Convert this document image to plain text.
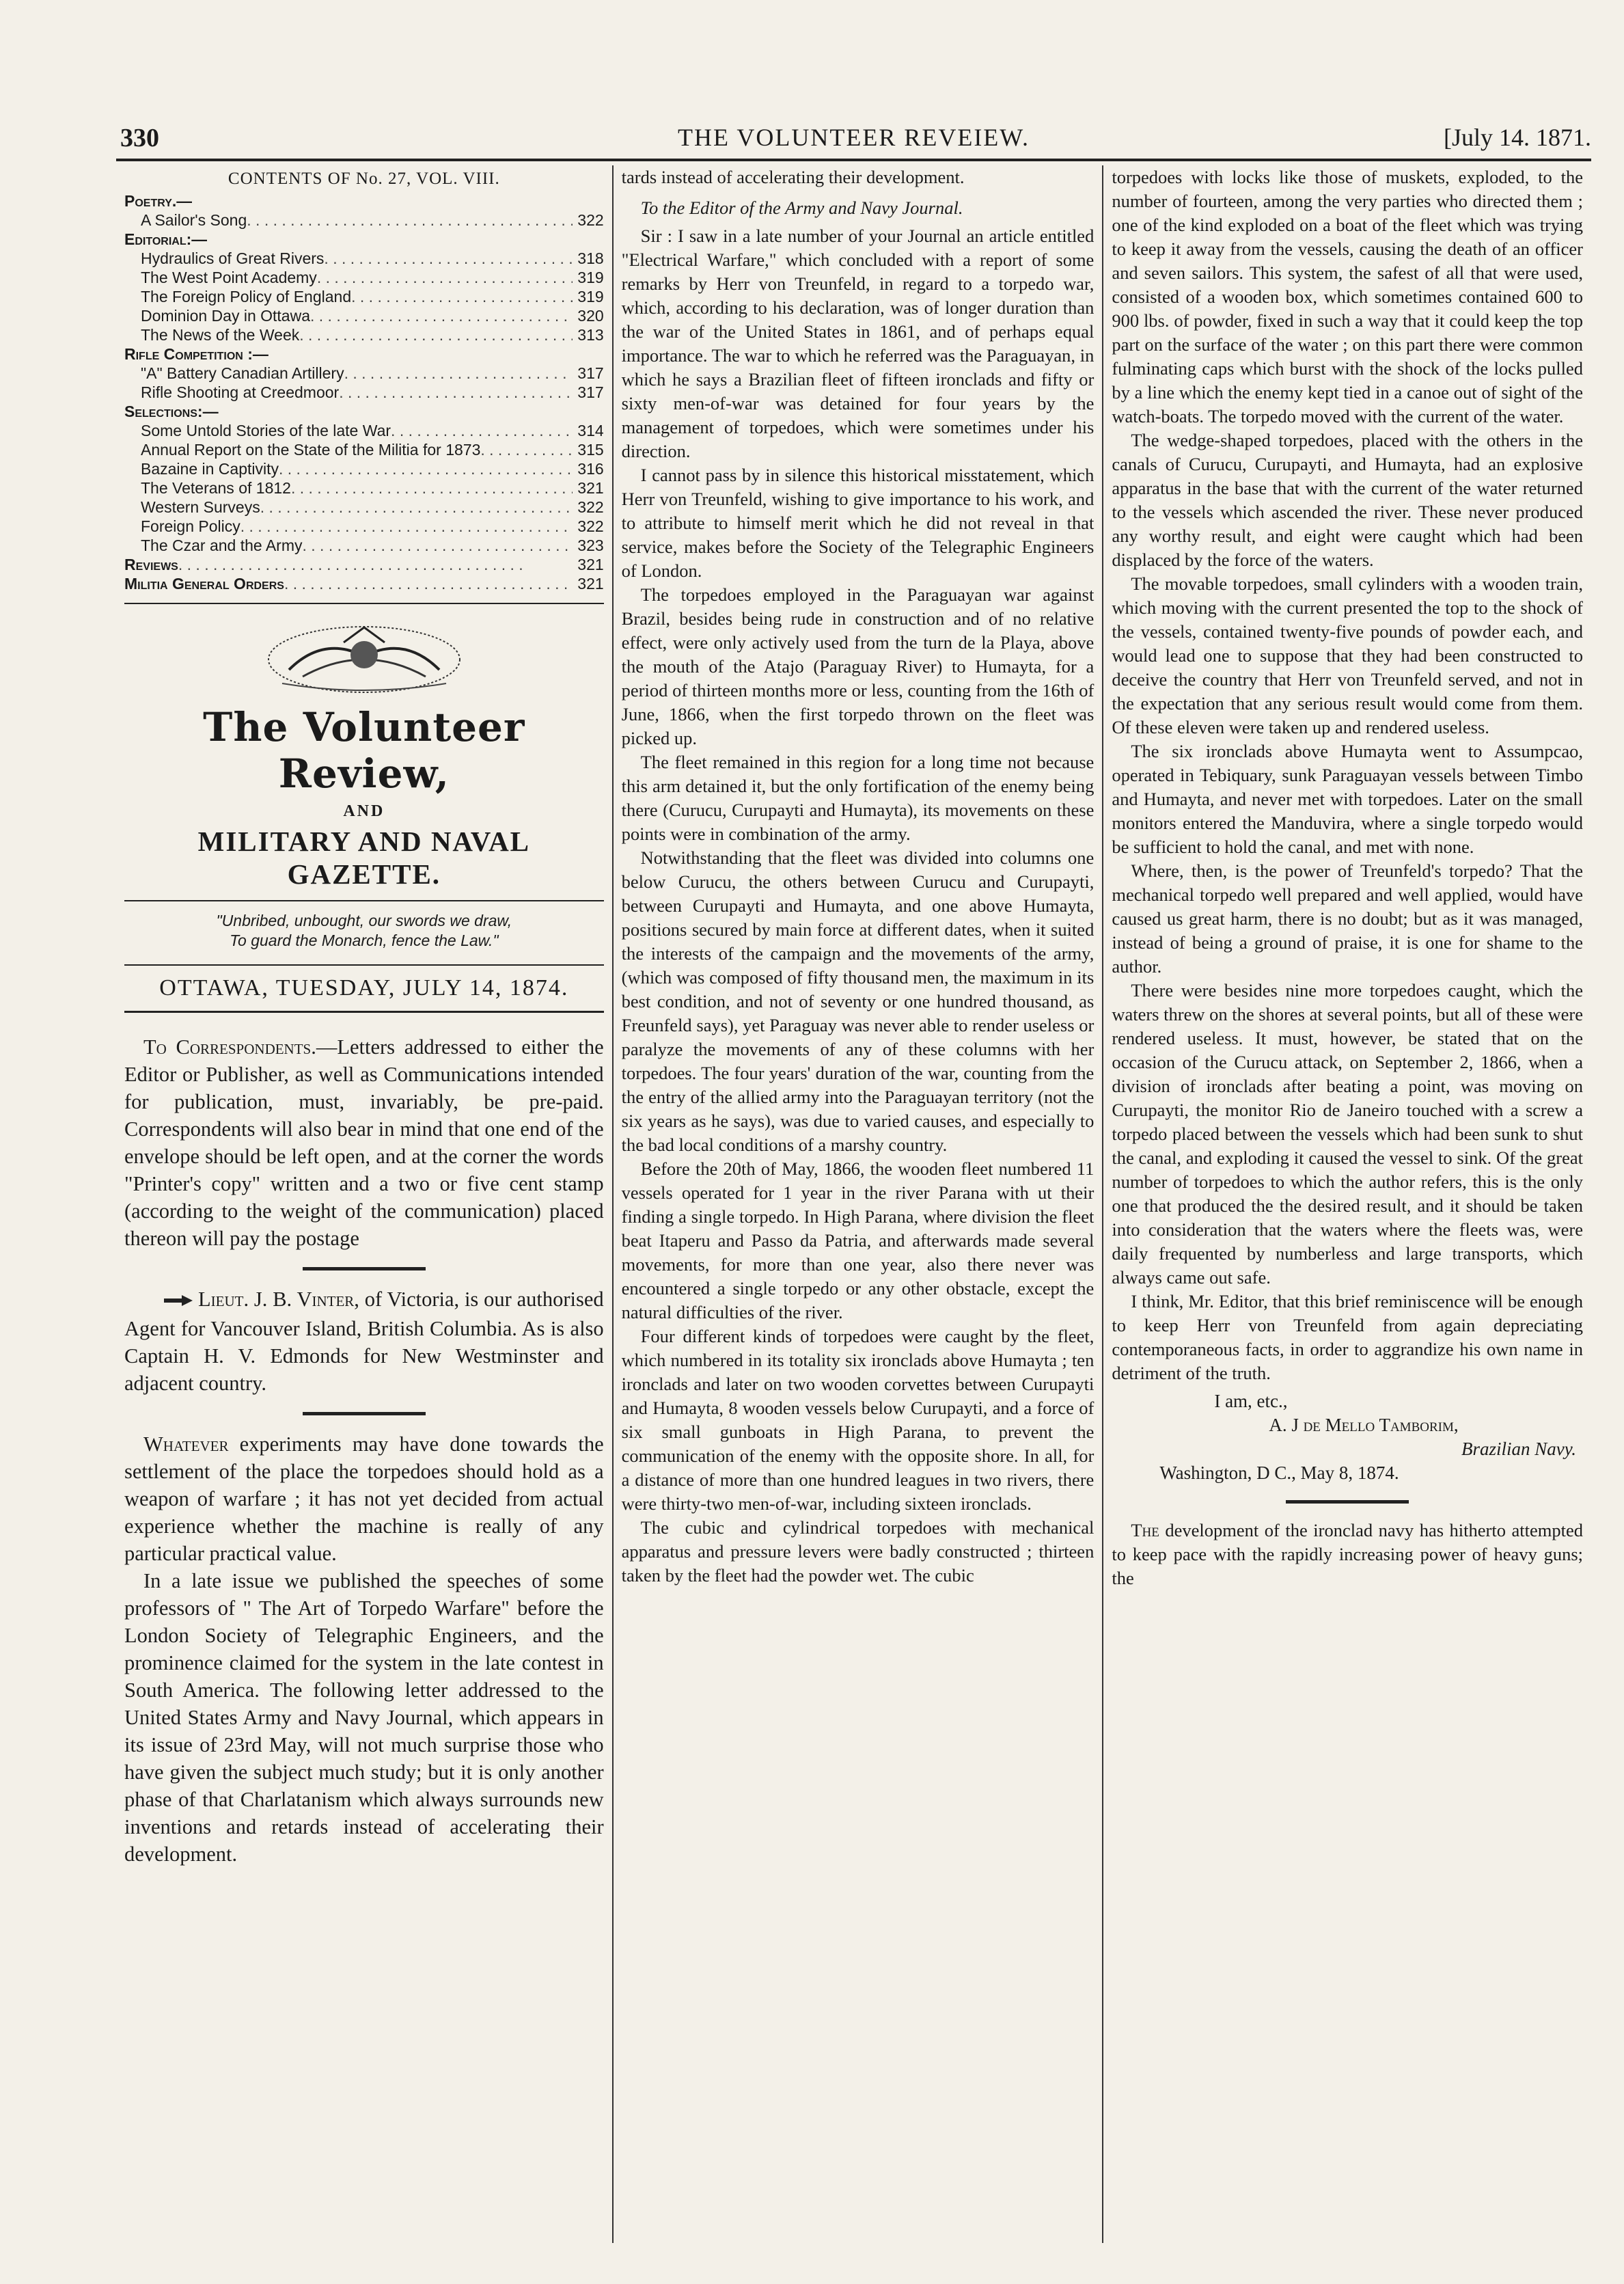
330	THE VOLUNTEER REVEIEW.	[July 14. 1871.
CONTENTS OF No. 27, VOL. VIII.
Poetry.—
A Sailor's Song . . .	322
Editorial:—
Hydraulics of Great Rivers . . .	318
The West Point Academy . . .	319
The Foreign Policy of England . . .	319
Dominion Day in Ottawa . . .	320
The News of the Week . . .	313
Rifle Competition :—
"A" Battery Canadian Artillery . . .	317
Rifle Shooting at Creedmoor . . .	317
Selections:—
Some Untold Stories of the late War . . .	314
Annual Report on the State of the Militia for 1873 . . .	315
Bazaine in Captivity . . .	316
The Veterans of 1812 . . .	321
Western Surveys . . .	322
Foreign Policy . . .	322
The Czar and the Army . . .	323
Reviews . . .	321
Militia General Orders . . .	321
The Volunteer Review,
AND
MILITARY AND NAVAL GAZETTE.
"Unbribed, unbought, our swords we draw,
To guard the Monarch, fence the Law."
OTTAWA, TUESDAY, JULY 14, 1874.

To Correspondents.—Letters addressed to either the Editor or Publisher, as well as Communications intended for publication, must, invariably, be pre-paid. Correspondents will also bear in mind that one end of the envelope should be left open, and at the corner the words "Printer's copy" written and a two or five cent stamp (according to the weight of the communication) placed thereon will pay the postage

Lieut. J. B. Vinter, of Victoria, is our authorised Agent for Vancouver Island, British Columbia. As is also Captain H. V. Edmonds for New Westminster and adjacent country.

Whatever experiments may have done towards the settlement of the place the torpedoes should hold as a weapon of warfare ; it has not yet decided from actual experience whether the machine is really of any particular practical value.

In a late issue we published the speeches of some professors of " The Art of Torpedo Warfare" before the London Society of Telegraphic Engineers, and the prominence claimed for the system in the late contest in South America. The following letter addressed to the United States Army and Navy Journal, which appears in its issue of 23rd May, will not much surprise those who have given the subject much study; but it is only another phase of that Charlatanism which always surrounds new inventions and retards instead of accelerating their development.

tards instead of accelerating their development.

To the Editor of the Army and Navy Journal.

Sir : I saw in a late number of your Journal an article entitled "Electrical Warfare," which concluded with a report of some remarks by Herr von Treunfeld, in regard to a torpedo war, which, according to his declaration, was of longer duration than the war of the United States in 1861, and of perhaps equal importance. The war to which he referred was the Paraguayan, in which he says a Brazilian fleet of fifteen ironclads and fifty or sixty men-of-war was detained for four years by the management of torpedoes, which were sometimes under his direction.

I cannot pass by in silence this historical misstatement, which Herr von Treunfeld, wishing to give importance to his work, and to attribute to himself merit which he did not reveal in that service, makes before the Society of the Telegraphic Engineers of London.

The torpedoes employed in the Paraguayan war against Brazil, besides being rude in construction and of no relative effect, were only actively used from the turn de la Playa, above the mouth of the Atajo (Paraguay River) to Humayta, for a period of thirteen months more or less, counting from the 16th of June, 1866, when the first torpedo thrown on the fleet was picked up.

The fleet remained in this region for a long time not because this arm detained it, but the only fortification of the enemy being there (Curucu, Curupayti and Humayta), its movements on these points were in combination of the army.

Notwithstanding that the fleet was divided into columns one below Curucu, the others between Curucu and Curupayti, between Curupayti and Humayta, and one above Humayta, positions secured by main force at different dates, when it suited the interests of the campaign and the movements of the army, (which was composed of fifty thousand men, the maximum in its best condition, and not of seventy or one hundred thousand, as Freunfeld says), yet Paraguay was never able to render useless or paralyze the movements of any of these columns with her torpedoes. The four years' duration of the war, counting from the the entry of the allied army into the Paraguayan territory (not the six years as he says), was due to varied causes, and especially to the bad local conditions of a marshy country.

Before the 20th of May, 1866, the wooden fleet numbered 11 vessels operated for 1 year in the river Parana with ut their finding a single torpedo. In High Parana, where division the fleet beat Itaperu and Passo da Patria, and afterwards made several movements, for more than one year, also there never was encountered a single torpedo or any other obstacle, except the natural difficulties of the river.

Four different kinds of torpedoes were caught by the fleet, which numbered in its totality six ironclads above Humayta ; ten ironclads and later on two wooden corvettes between Curupayti and Humayta, 8 wooden vessels below Curupayti, and a force of six small gunboats in High Parana, to prevent the communication of the enemy with the opposite shore. In all, for a distance of more than one hundred leagues in two rivers, there were thirty-two men-of-war, including sixteen ironclads.

The cubic and cylindrical torpedoes with mechanical apparatus and pressure levers were badly constructed ; thirteen taken by the fleet had the powder wet. The cubic

torpedoes with locks like those of muskets, exploded, to the number of fourteen, among the very parties who directed them ; one of the kind exploded on a boat of the fleet which was trying to keep it away from the vessels, causing the death of an officer and seven sailors. This system, the safest of all that were used, consisted of a wooden box, which sometimes contained 600 to 900 lbs. of powder, fixed in such a way that it could keep the top part on the surface of the water ; on this part there were common fulminating caps which burst with the shock of the locks pulled by a line which the enemy kept tied in a canoe out of sight of the watch-boats. The torpedo moved with the current of the water.

The wedge-shaped torpedoes, placed with the others in the canals of Curucu, Curupayti, and Humayta, had an explosive apparatus in the base that with the current of the water returned to the vessels which ascended the river. These never produced any worthy result, and eight were caught which had been displaced by the force of the waters.

The movable torpedoes, small cylinders with a wooden train, which moving with the current presented the top to the shock of the vessels, contained twenty-five pounds of powder each, and would lead one to suppose that they had been constructed to deceive the country that Herr von Treunfeld served, and not in the expectation that any serious result would come from them. Of these eleven were taken up and rendered useless.

The six ironclads above Humayta went to Assumpcao, operated in Tebiquary, sunk Paraguayan vessels between Timbo and Humayta, and never met with torpedoes. Later on the small monitors entered the Manduvira, where a single torpedo would be sufficient to hold the canal, and met with none.

Where, then, is the power of Treunfeld's torpedo? That the mechanical torpedo well prepared and well applied, would have caused us great harm, there is no doubt; but as it was managed, instead of being a ground of praise, it is one for shame to the author.

There were besides nine more torpedoes caught, which the waters threw on the shores at several points, but all of these were rendered useless. It must, however, be stated that on the occasion of the Curucu attack, on September 2, 1866, when a division of ironclads after beating a point, was moving on Curupayti, the monitor Rio de Janeiro touched with a screw a torpedo placed between the vessels which had been sunk to shut the canal, and exploding it caused the vessel to sink. Of the great number of torpedoes to which the author refers, this is the only one that produced the the desired result, and it should be taken into consideration that the waters where the fleets was, were daily frequented by numberless and large transports, which always came out safe.

I think, Mr. Editor, that this brief reminiscence will be enough to keep Herr von Treunfeld from again depreciating contemporaneous facts, in order to aggrandize his own name in detriment of the truth.

I am, etc.,
A. J de Mello Tamborim,
Brazilian Navy.
Washington, D C., May 8, 1874.

The development of the ironclad navy has hitherto attempted to keep pace with the rapidly increasing power of heavy guns; the
